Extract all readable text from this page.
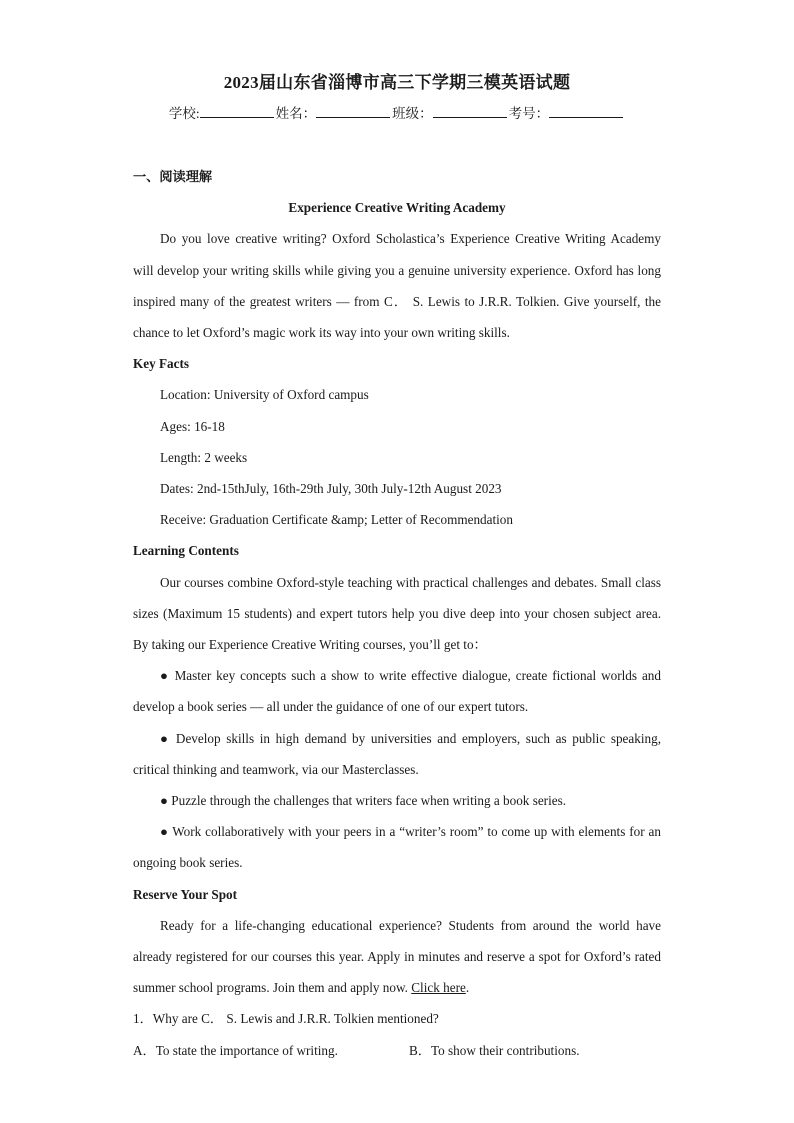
2023届山东省淄博市高三下学期三模英语试题
学校:	姓名：	班级：	考号：
一、阅读理解
Experience Creative Writing Academy

Do you love creative writing? Oxford Scholastica’s Experience Creative Writing Academy will develop your writing skills while giving you a genuine university experience. Oxford has long inspired many of the greatest writers — from C． S. Lewis to J.R.R. Tolkien. Give yourself, the chance to let Oxford’s magic work its way into your own writing skills.

Key Facts

Location: University of Oxford campus

Ages: 16-18

Length: 2 weeks

Dates: 2nd-15thJuly, 16th-29th July, 30th July-12th August 2023

Receive: Graduation Certificate &amp; Letter of Recommendation

Learning Contents

Our courses combine Oxford-style teaching with practical challenges and debates. Small class sizes (Maximum 15 students) and expert tutors help you dive deep into your chosen subject area. By taking our Experience Creative Writing courses, you’ll get to：

● Master key concepts such a show to write effective dialogue, create fictional worlds and develop a book series — all under the guidance of one of our expert tutors.

● Develop skills in high demand by universities and employers, such as public speaking, critical thinking and teamwork, via our Masterclasses.

● Puzzle through the challenges that writers face when writing a book series.

● Work collaboratively with your peers in a “writer’s room” to come up with elements for an ongoing book series.

Reserve Your Spot

Ready for a life-changing educational experience? Students from around the world have already registered for our courses this year. Apply in minutes and reserve a spot for Oxford’s rated summer school programs. Join them and apply now. Click here.

1．Why are C． S. Lewis and J.R.R. Tolkien mentioned?
A．To state the importance of writing.	B．To show their contributions.
